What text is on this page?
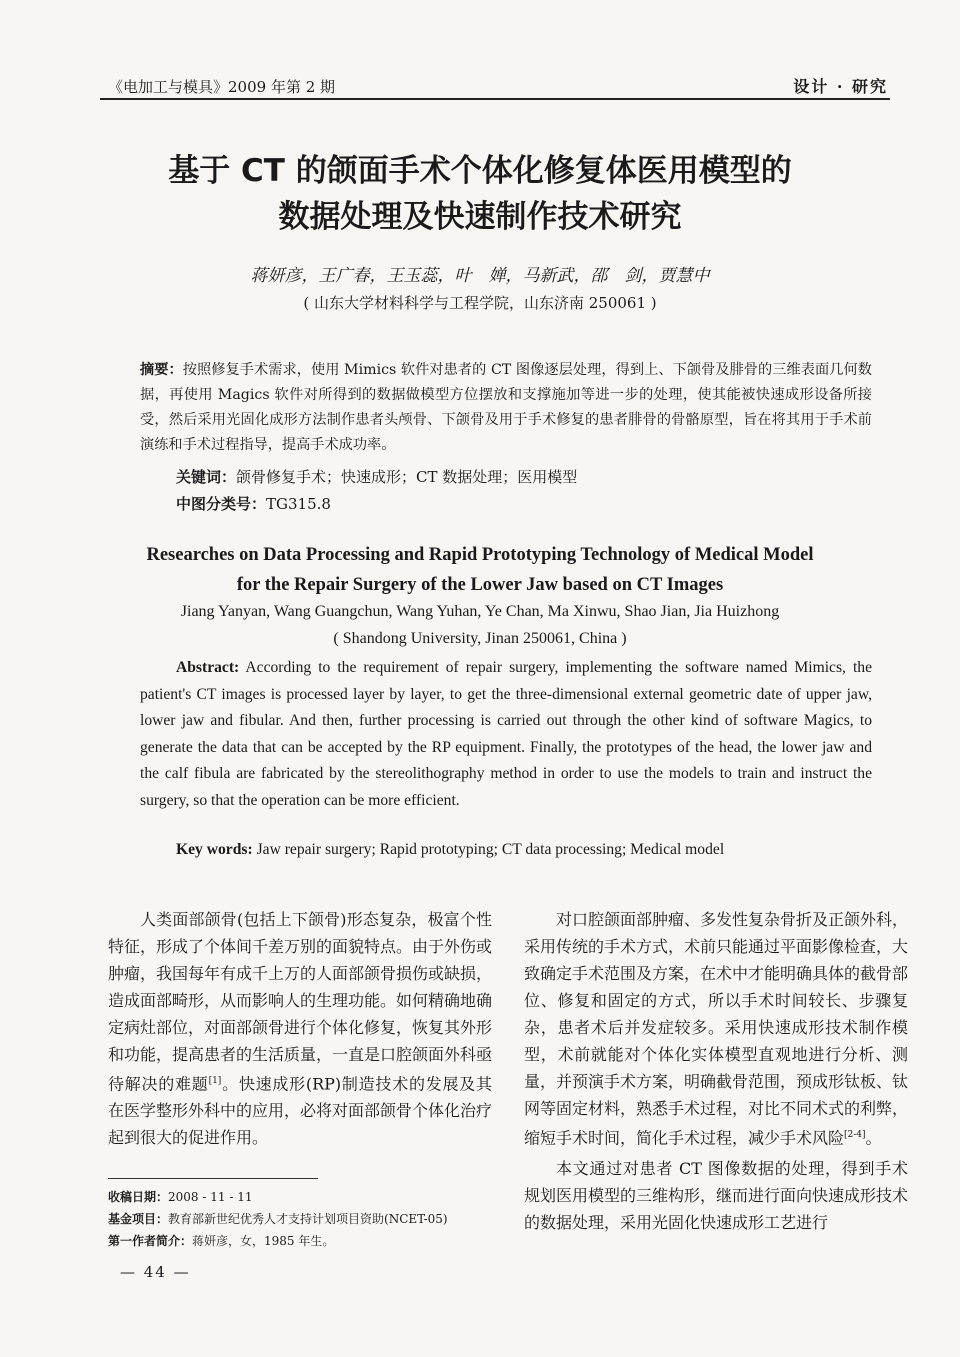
《电加工与模具》2009 年第 2 期	设计 · 研究
基于 CT 的颌面手术个体化修复体医用模型的
数据处理及快速制作技术研究
蒋妍彦，王广春，王玉蕊，叶　婵，马新武，邵　剑，贾慧中
( 山东大学材料科学与工程学院，山东济南 250061 )
摘要：按照修复手术需求，使用 Mimics 软件对患者的 CT 图像逐层处理，得到上、下颌骨及腓骨的三维表面几何数据，再使用 Magics 软件对所得到的数据做模型方位摆放和支撑施加等进一步的处理，使其能被快速成形设备所接受，然后采用光固化成形方法制作患者头颅骨、下颌骨及用于手术修复的患者腓骨的骨骼原型，旨在将其用于手术前演练和手术过程指导，提高手术成功率。
关键词：颌骨修复手术；快速成形；CT 数据处理；医用模型
中图分类号：TG315.8
Researches on Data Processing and Rapid Prototyping Technology of Medical Model
for the Repair Surgery of the Lower Jaw based on CT Images
Jiang Yanyan, Wang Guangchun, Wang Yuhan, Ye Chan, Ma Xinwu, Shao Jian, Jia Huizhong
( Shandong University, Jinan 250061, China )
Abstract: According to the requirement of repair surgery, implementing the software named Mimics, the patient's CT images is processed layer by layer, to get the three-dimensional external geometric date of upper jaw, lower jaw and fibular. And then, further processing is carried out through the other kind of software Magics, to generate the data that can be accepted by the RP equipment. Finally, the prototypes of the head, the lower jaw and the calf fibula are fabricated by the stereolithography method in order to use the models to train and instruct the surgery, so that the operation can be more efficient.
Key words: Jaw repair surgery; Rapid prototyping; CT data processing; Medical model

人类面部颌骨(包括上下颌骨)形态复杂，极富个性特征，形成了个体间千差万别的面貌特点。由于外伤或肿瘤，我国每年有成千上万的人面部颌骨损伤或缺损，造成面部畸形，从而影响人的生理功能。如何精确地确定病灶部位，对面部颌骨进行个体化修复，恢复其外形和功能，提高患者的生活质量，一直是口腔颌面外科亟待解决的难题[1]。快速成形(RP)制造技术的发展及其在医学整形外科中的应用，必将对面部颌骨个体化治疗起到很大的促进作用。

对口腔颌面部肿瘤、多发性复杂骨折及正颌外科，采用传统的手术方式，术前只能通过平面影像检查，大致确定手术范围及方案，在术中才能明确具体的截骨部位、修复和固定的方式，所以手术时间较长、步骤复杂，患者术后并发症较多。采用快速成形技术制作模型，术前就能对个体化实体模型直观地进行分析、测量，并预演手术方案，明确截骨范围，预成形钛板、钛网等固定材料，熟悉手术过程，对比不同术式的利弊，缩短手术时间，简化手术过程，减少手术风险[2-4]。

本文通过对患者 CT 图像数据的处理，得到手术规划医用模型的三维构形，继而进行面向快速成形技术的数据处理，采用光固化快速成形工艺进行

收稿日期：2008 - 11 - 11
基金项目：教育部新世纪优秀人才支持计划项目资助(NCET-05)
第一作者简介：蒋妍彦，女，1985 年生。
— 44 —
